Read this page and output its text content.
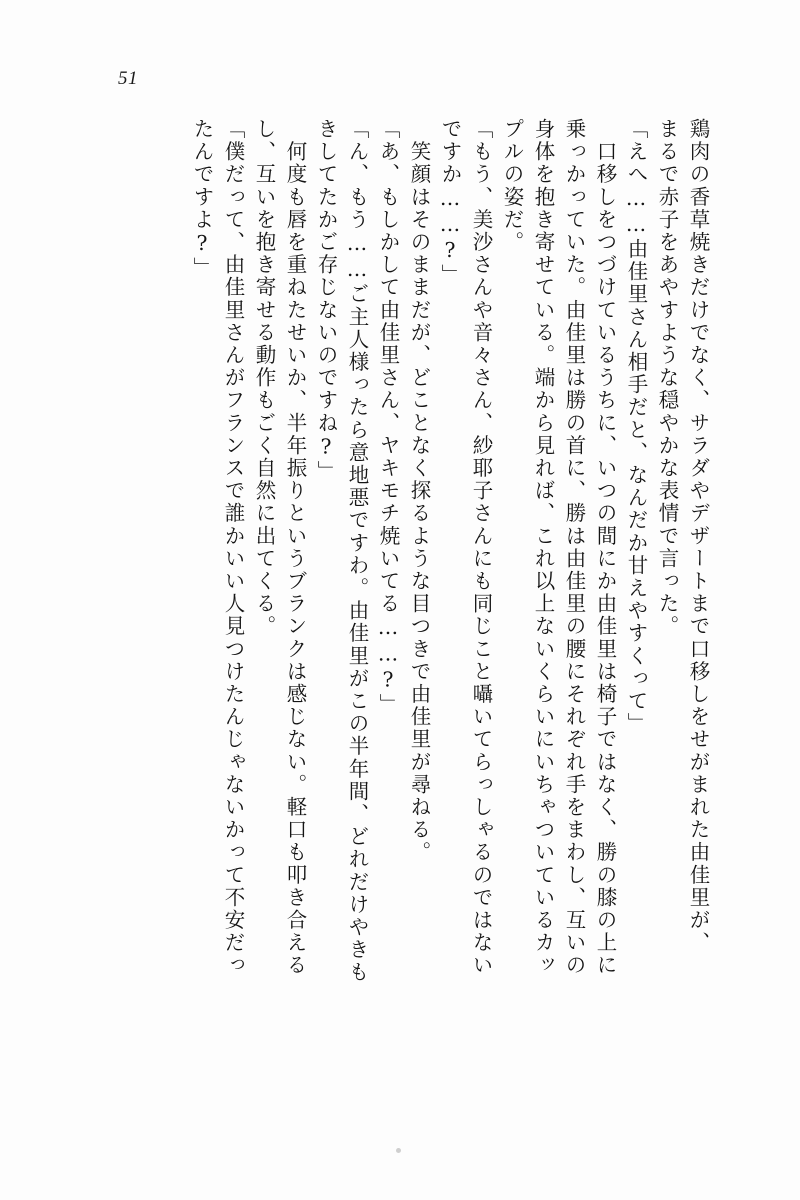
51
鶏肉の香草焼きだけでなく、サラダやデザートまで口移しをせがまれた由佳里が、
まるで赤子をあやすような穏やかな表情で言った。
「えへ……由佳里さん相手だと、なんだか甘えやすくって」
　口移しをつづけているうちに、いつの間にか由佳里は椅子ではなく、勝の膝の上に
乗っかっていた。由佳里は勝の首に、勝は由佳里の腰にそれぞれ手をまわし、互いの
身体を抱き寄せている。端から見れば、これ以上ないくらいにいちゃついているカッ
プルの姿だ。
「もう、美沙さんや音々さん、紗耶子さんにも同じこと囁いてらっしゃるのではない
ですか……?」
　笑顔はそのままだが、どことなく探るような目つきで由佳里が尋ねる。
「あ、もしかして由佳里さん、ヤキモチ焼いてる……?」
「ん、もう……ご主人様ったら意地悪ですわ。由佳里がこの半年間、どれだけやきも
きしてたかご存じないのですね?」
　何度も唇を重ねたせいか、半年振りというブランクは感じない。軽口も叩き合える
し、互いを抱き寄せる動作もごく自然に出てくる。
「僕だって、由佳里さんがフランスで誰かいい人見つけたんじゃないかって不安だっ
たんですよ?」
